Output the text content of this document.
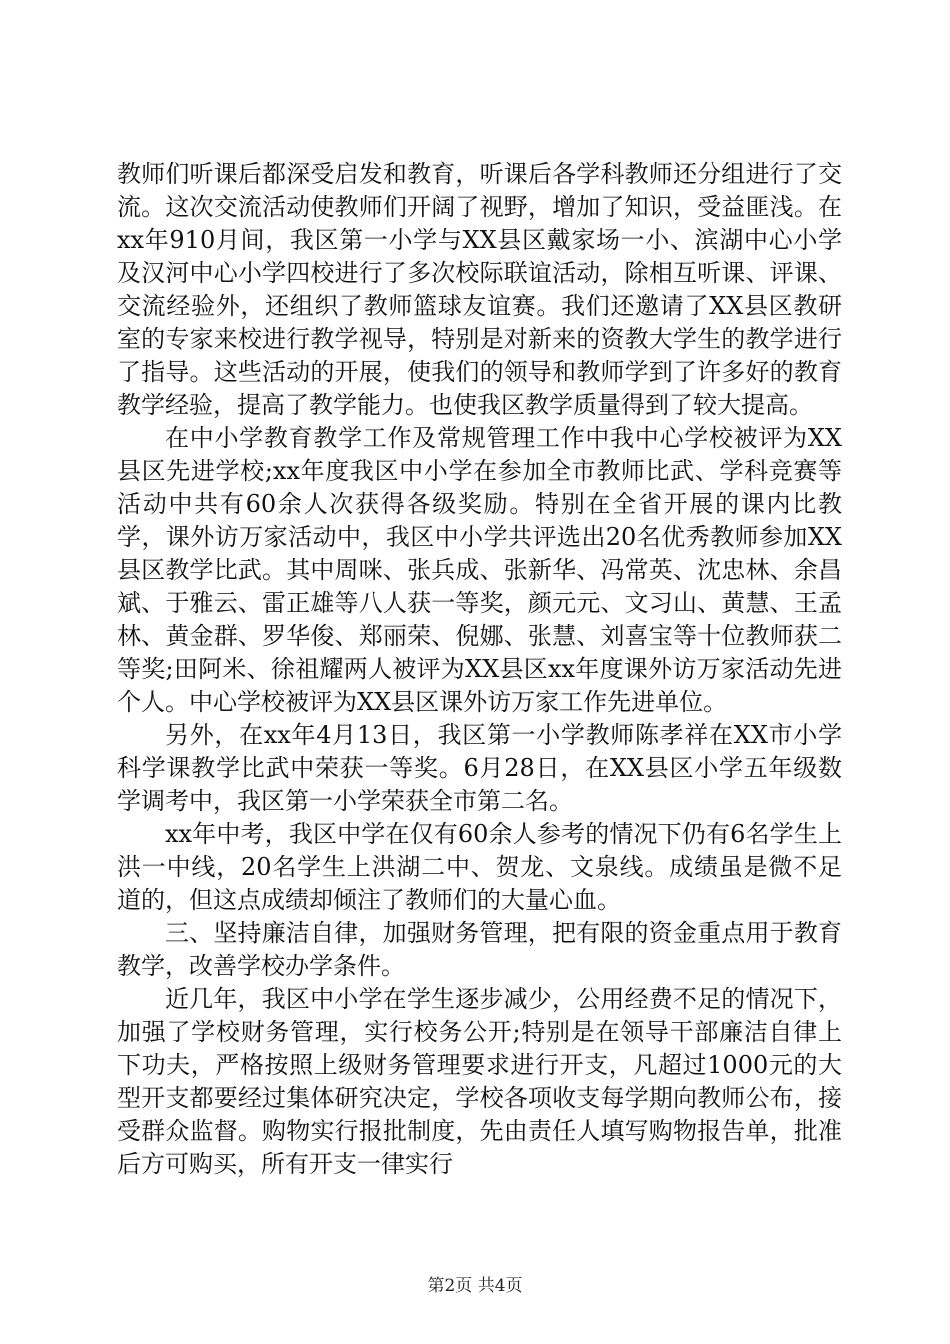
教师们听课后都深受启发和教育，听课后各学科教师还分组进行了交流。这次交流活动使教师们开阔了视野，增加了知识，受益匪浅。在xx年910月间，我区第一小学与XX县区戴家场一小、滨湖中心小学及汉河中心小学四校进行了多次校际联谊活动，除相互听课、评课、交流经验外，还组织了教师篮球友谊赛。我们还邀请了XX县区教研室的专家来校进行教学视导，特别是对新来的资教大学生的教学进行了指导。这些活动的开展，使我们的领导和教师学到了许多好的教育教学经验，提高了教学能力。也使我区教学质量得到了较大提高。

在中小学教育教学工作及常规管理工作中我中心学校被评为XX县区先进学校;xx年度我区中小学在参加全市教师比武、学科竞赛等活动中共有60余人次获得各级奖励。特别在全省开展的课内比教学，课外访万家活动中，我区中小学共评选出20名优秀教师参加XX县区教学比武。其中周咪、张兵成、张新华、冯常英、沈忠林、余昌斌、于雅云、雷正雄等八人获一等奖，颜元元、文习山、黄慧、王孟林、黄金群、罗华俊、郑丽荣、倪娜、张慧、刘喜宝等十位教师获二等奖;田阿米、徐祖耀两人被评为XX县区xx年度课外访万家活动先进个人。中心学校被评为XX县区课外访万家工作先进单位。

另外，在xx年4月13日，我区第一小学教师陈孝祥在XX市小学科学课教学比武中荣获一等奖。6月28日，在XX县区小学五年级数学调考中，我区第一小学荣获全市第二名。

xx年中考，我区中学在仅有60余人参考的情况下仍有6名学生上洪一中线，20名学生上洪湖二中、贺龙、文泉线。成绩虽是微不足道的，但这点成绩却倾注了教师们的大量心血。

三、坚持廉洁自律，加强财务管理，把有限的资金重点用于教育教学，改善学校办学条件。

近几年，我区中小学在学生逐步减少，公用经费不足的情况下，加强了学校财务管理，实行校务公开;特别是在领导干部廉洁自律上下功夫，严格按照上级财务管理要求进行开支，凡超过1000元的大型开支都要经过集体研究决定，学校各项收支每学期向教师公布，接受群众监督。购物实行报批制度，先由责任人填写购物报告单，批准后方可购买，所有开支一律实行

第2页 共4页
